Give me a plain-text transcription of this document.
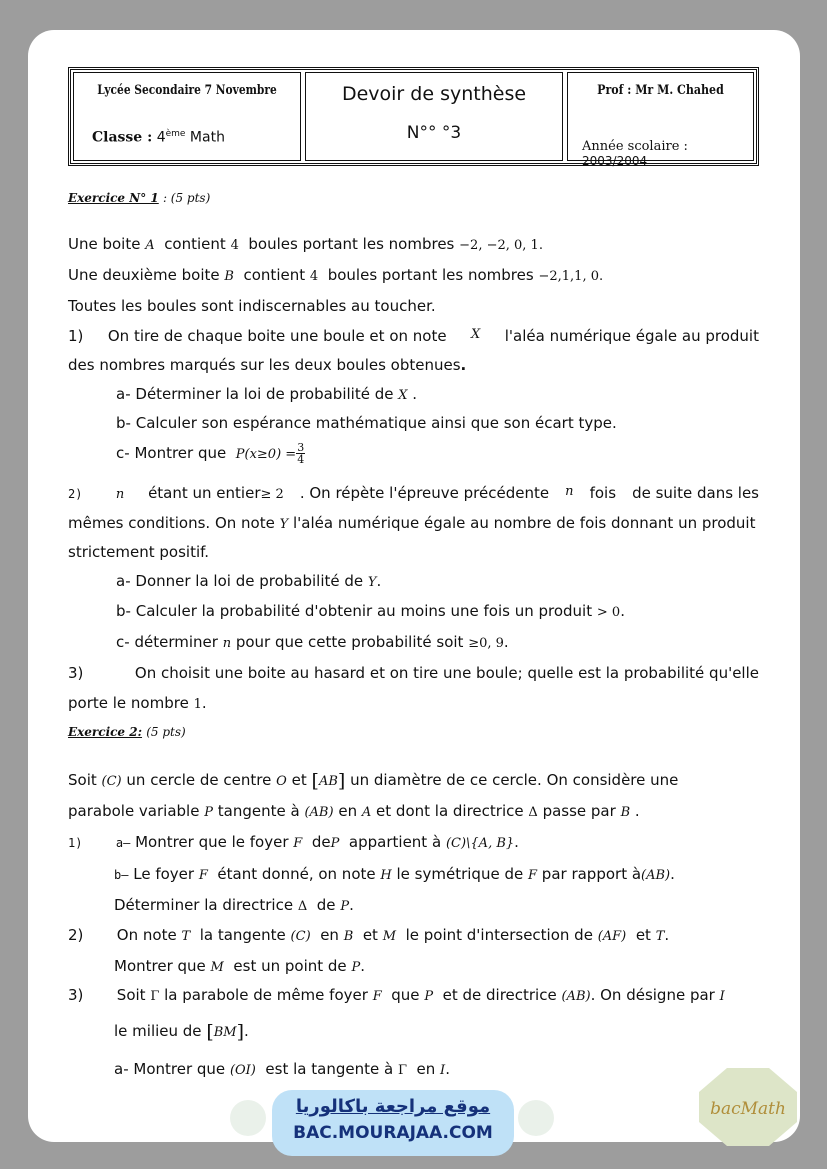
Lycée Secondaire 7 Novembre
Classe : 4ème Math
Devoir de synthèse
N°° °3
Prof : Mr M. Chahed
Année scolaire : 2003/2004
Exercice N° 1 : (5 pts)
Une boite A contient 4 boules portant les nombres −2, −2, 0, 1.
Une deuxième boite B contient 4 boules portant les nombres −2,1,1, 0.
Toutes les boules sont indiscernables au toucher.
1) On tire de chaque boite une boule et on note X l'aléa numérique égale au produit
des nombres marqués sur les deux boules obtenues.
a- Déterminer la loi de probabilité de X .
b- Calculer son espérance mathématique ainsi que son écart type.
c- Montrer que $P(x\ge 0) = \frac{3}{4}$
2)	n étant un entier≥ 2 . On répète l'épreuve précédente n fois de suite dans les
mêmes conditions. On note Y l'aléa numérique égale au nombre de fois donnant un produit
strictement positif.
a- Donner la loi de probabilité de Y.
b- Calculer la probabilité d'obtenir au moins une fois un produit > 0.
c- déterminer n pour que cette probabilité soit ≥0, 9.
3)	On choisit une boite au hasard et on tire une boule; quelle est la probabilité qu'elle
porte le nombre 1.
Exercice 2: (5 pts)
Soit (C) un cercle de centre O et [AB] un diamètre de ce cercle. On considère une
parabole variable P tangente à (AB) en A et dont la directrice Δ passe par B .
1)	a– Montrer que le foyer F deP appartient à (C)\{A, B}.
b– Le foyer F étant donné, on note H le symétrique de F par rapport à(AB).
Déterminer la directrice Δ de P.
2) On note T la tangente (C) en B et M le point d'intersection de (AF) et T.
Montrer que M est un point de P.
3) Soit Γ la parabole de même foyer F que P et de directrice (AB). On désigne par I
le milieu de [BM].
a- Montrer que (OI) est la tangente à Γ en I.
موقع مراجعة باكالوريا
BAC.MOURAJAA.COM
bacMath
